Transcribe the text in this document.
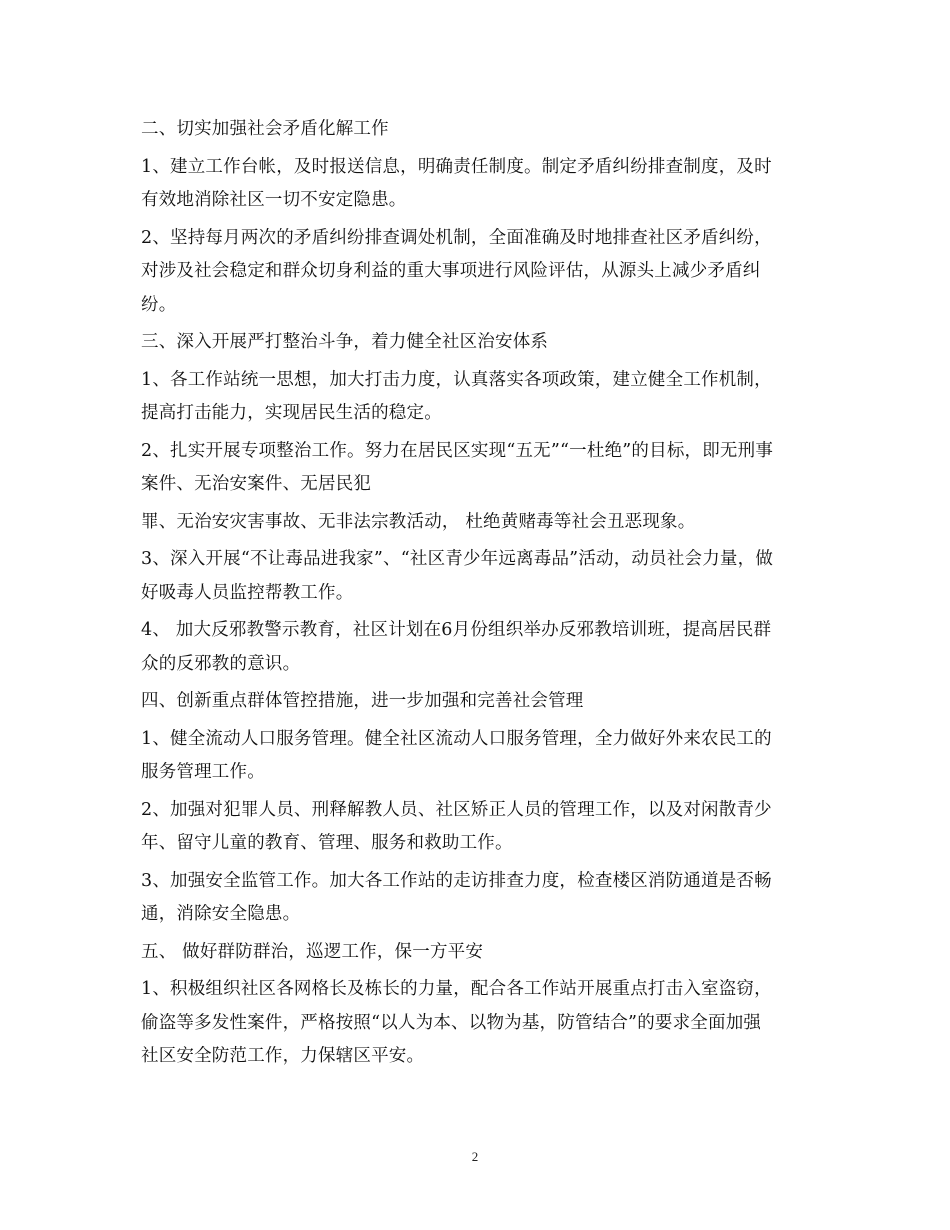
二、切实加强社会矛盾化解工作

1、建立工作台帐，及时报送信息，明确责任制度。制定矛盾纠纷排查制度，及时
有效地消除社区一切不安定隐患。

2、坚持每月两次的矛盾纠纷排查调处机制，全面准确及时地排查社区矛盾纠纷，
对涉及社会稳定和群众切身利益的重大事项进行风险评估，从源头上减少矛盾纠
纷。

三、深入开展严打整治斗争，着力健全社区治安体系

1、各工作站统一思想，加大打击力度，认真落实各项政策，建立健全工作机制，
提高打击能力，实现居民生活的稳定。

2、扎实开展专项整治工作。努力在居民区实现“五无”“一杜绝”的目标，即无刑事
案件、无治安案件、无居民犯

罪、无治安灾害事故、无非法宗教活动， 杜绝黄赌毒等社会丑恶现象。

3、深入开展“不让毒品进我家”、“社区青少年远离毒品”活动，动员社会力量，做
好吸毒人员监控帮教工作。

4、 加大反邪教警示教育，社区计划在6月份组织举办反邪教培训班，提高居民群
众的反邪教的意识。

四、创新重点群体管控措施，进一步加强和完善社会管理

1、健全流动人口服务管理。健全社区流动人口服务管理，全力做好外来农民工的
服务管理工作。

2、加强对犯罪人员、刑释解教人员、社区矫正人员的管理工作，以及对闲散青少
年、留守儿童的教育、管理、服务和救助工作。

3、加强安全监管工作。加大各工作站的走访排查力度，检查楼区消防通道是否畅
通，消除安全隐患。

五、 做好群防群治，巡逻工作，保一方平安

1、积极组织社区各网格长及栋长的力量，配合各工作站开展重点打击入室盗窃，
偷盗等多发性案件，严格按照“以人为本、以物为基，防管结合”的要求全面加强
社区安全防范工作，力保辖区平安。

2
